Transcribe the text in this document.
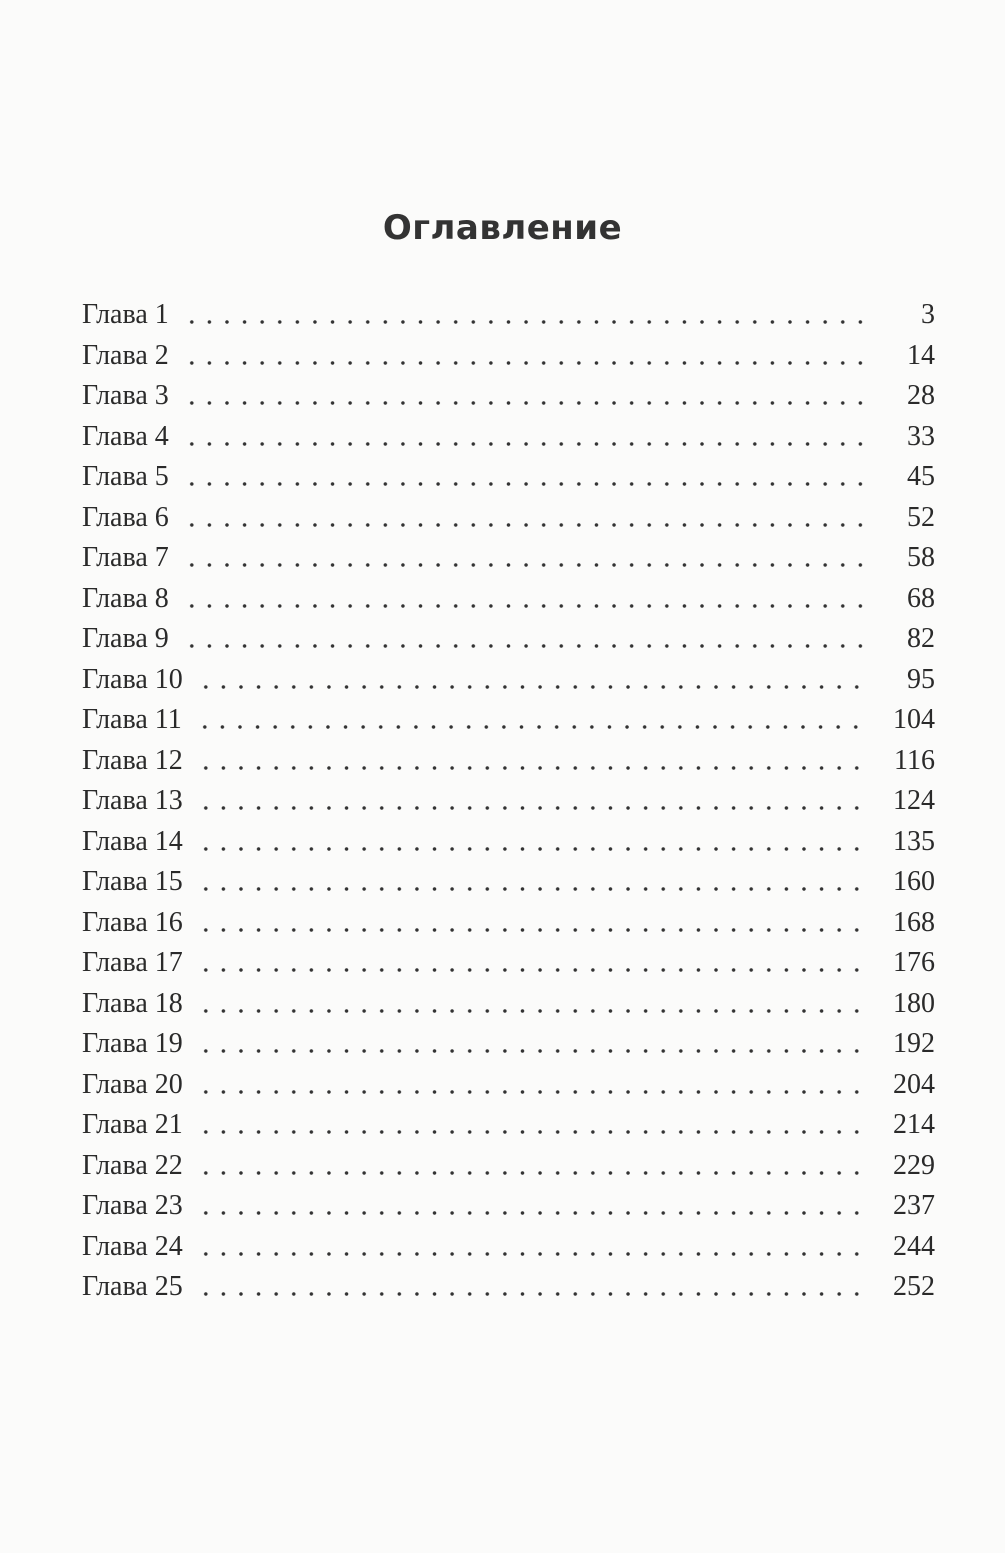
Оглавление
Глава 1	3
Глава 2	14
Глава 3	28
Глава 4	33
Глава 5	45
Глава 6	52
Глава 7	58
Глава 8	68
Глава 9	82
Глава 10	95
Глава 11	104
Глава 12	116
Глава 13	124
Глава 14	135
Глава 15	160
Глава 16	168
Глава 17	176
Глава 18	180
Глава 19	192
Глава 20	204
Глава 21	214
Глава 22	229
Глава 23	237
Глава 24	244
Глава 25	252
